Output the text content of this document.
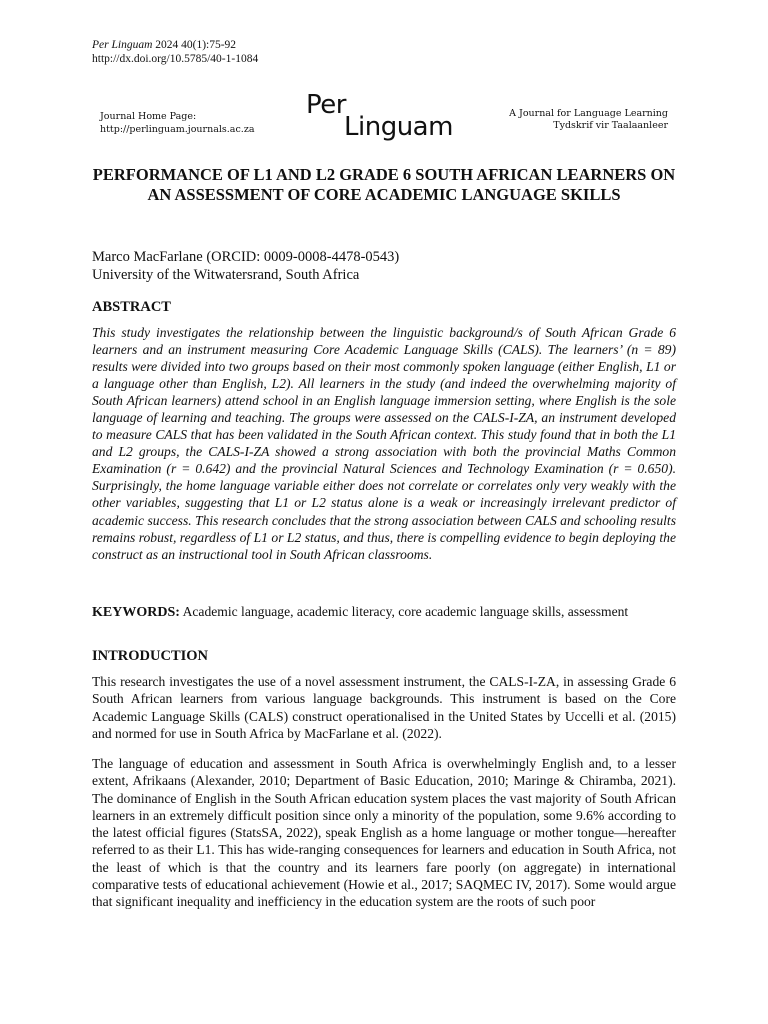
Per Linguam 2024 40(1):75-92
http://dx.doi.org/10.5785/40-1-1084
Journal Home Page:
http://perlinguam.journals.ac.za
Per
Linguam	A Journal for Language Learning
Tydskrif vir Taalaanleer
PERFORMANCE OF L1 AND L2 GRADE 6 SOUTH AFRICAN LEARNERS ON AN ASSESSMENT OF CORE ACADEMIC LANGUAGE SKILLS
Marco MacFarlane (ORCID: 0009-0008-4478-0543)
University of the Witwatersrand, South Africa
ABSTRACT

This study investigates the relationship between the linguistic background/s of South African Grade 6 learners and an instrument measuring Core Academic Language Skills (CALS). The learners’ (n = 89) results were divided into two groups based on their most commonly spoken language (either English, L1 or a language other than English, L2). All learners in the study (and indeed the overwhelming majority of South African learners) attend school in an English language immersion setting, where English is the sole language of learning and teaching. The groups were assessed on the CALS-I-ZA, an instrument developed to measure CALS that has been validated in the South African context. This study found that in both the L1 and L2 groups, the CALS-I-ZA showed a strong association with both the provincial Maths Common Examination (r = 0.642) and the provincial Natural Sciences and Technology Examination (r = 0.650). Surprisingly, the home language variable either does not correlate or correlates only very weakly with the other variables, suggesting that L1 or L2 status alone is a weak or increasingly irrelevant predictor of academic success. This research concludes that the strong association between CALS and schooling results remains robust, regardless of L1 or L2 status, and thus, there is compelling evidence to begin deploying the construct as an instructional tool in South African classrooms.

KEYWORDS: Academic language, academic literacy, core academic language skills, assessment
INTRODUCTION

This research investigates the use of a novel assessment instrument, the CALS-I-ZA, in assessing Grade 6 South African learners from various language backgrounds. This instrument is based on the Core Academic Language Skills (CALS) construct operationalised in the United States by Uccelli et al. (2015) and normed for use in South Africa by MacFarlane et al. (2022).

The language of education and assessment in South Africa is overwhelmingly English and, to a lesser extent, Afrikaans (Alexander, 2010; Department of Basic Education, 2010; Maringe & Chiramba, 2021). The dominance of English in the South African education system places the vast majority of South African learners in an extremely difficult position since only a minority of the population, some 9.6% according to the latest official figures (StatsSA, 2022), speak English as a home language or mother tongue—hereafter referred to as their L1. This has wide-ranging consequences for learners and education in South Africa, not the least of which is that the country and its learners fare poorly (on aggregate) in international comparative tests of educational achievement (Howie et al., 2017; SAQMEC IV, 2017). Some would argue that significant inequality and inefficiency in the education system are the roots of such poor
